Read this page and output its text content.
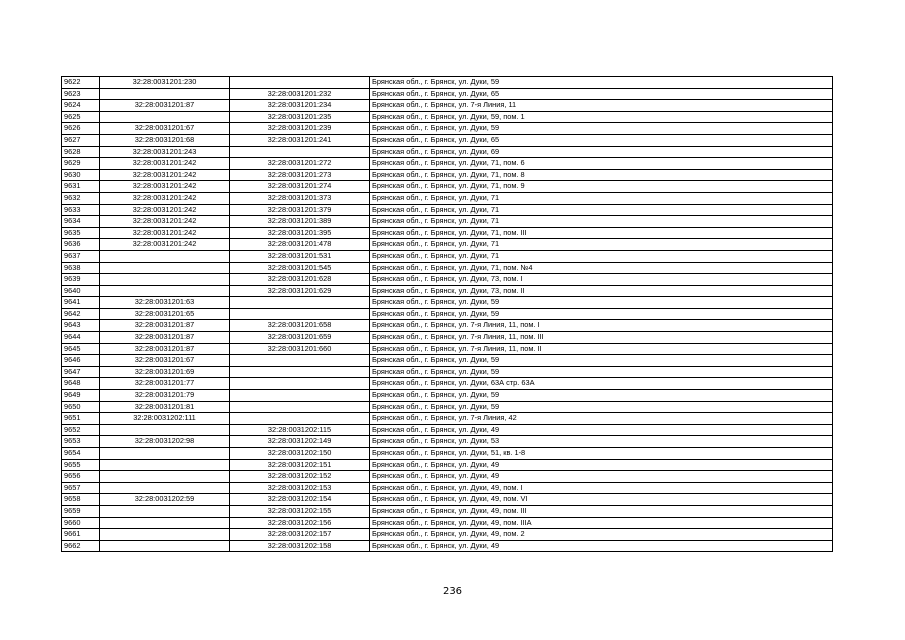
9622	32:28:0031201:230		Брянская обл., г. Брянск, ул. Дуки, 59
9623		32:28:0031201:232	Брянская обл., г. Брянск, ул. Дуки, 65
9624	32:28:0031201:87	32:28:0031201:234	Брянская обл., г. Брянск, ул. 7-я Линия, 11
9625		32:28:0031201:235	Брянская обл., г. Брянск, ул. Дуки, 59, пом. 1
9626	32:28:0031201:67	32:28:0031201:239	Брянская обл., г. Брянск, ул. Дуки, 59
9627	32:28:0031201:68	32:28:0031201:241	Брянская обл., г. Брянск, ул. Дуки, 65
9628	32:28:0031201:243		Брянская обл., г. Брянск, ул. Дуки, 69
9629	32:28:0031201:242	32:28:0031201:272	Брянская обл., г. Брянск, ул. Дуки, 71, пом. 6
9630	32:28:0031201:242	32:28:0031201:273	Брянская обл., г. Брянск, ул. Дуки, 71, пом. 8
9631	32:28:0031201:242	32:28:0031201:274	Брянская обл., г. Брянск, ул. Дуки, 71, пом. 9
9632	32:28:0031201:242	32:28:0031201:373	Брянская обл., г. Брянск, ул. Дуки, 71
9633	32:28:0031201:242	32:28:0031201:379	Брянская обл., г. Брянск, ул. Дуки, 71
9634	32:28:0031201:242	32:28:0031201:389	Брянская обл., г. Брянск, ул. Дуки, 71
9635	32:28:0031201:242	32:28:0031201:395	Брянская обл., г. Брянск, ул. Дуки, 71, пом. III
9636	32:28:0031201:242	32:28:0031201:478	Брянская обл., г. Брянск, ул. Дуки, 71
9637		32:28:0031201:531	Брянская обл., г. Брянск, ул. Дуки, 71
9638		32:28:0031201:545	Брянская обл., г. Брянск, ул. Дуки, 71, пом. №4
9639		32:28:0031201:628	Брянская обл., г. Брянск, ул. Дуки, 73, пом. I
9640		32:28:0031201:629	Брянская обл., г. Брянск, ул. Дуки, 73, пом. II
9641	32:28:0031201:63		Брянская обл., г. Брянск, ул. Дуки, 59
9642	32:28:0031201:65		Брянская обл., г. Брянск, ул. Дуки, 59
9643	32:28:0031201:87	32:28:0031201:658	Брянская обл., г. Брянск, ул. 7-я Линия, 11, пом. I
9644	32:28:0031201:87	32:28:0031201:659	Брянская обл., г. Брянск, ул. 7-я Линия, 11, пом. III
9645	32:28:0031201:87	32:28:0031201:660	Брянская обл., г. Брянск, ул. 7-я Линия, 11, пом. II
9646	32:28:0031201:67		Брянская обл., г. Брянск, ул. Дуки, 59
9647	32:28:0031201:69		Брянская обл., г. Брянск, ул. Дуки, 59
9648	32:28:0031201:77		Брянская обл., г. Брянск, ул. Дуки, 63А стр. 63А
9649	32:28:0031201:79		Брянская обл., г. Брянск, ул. Дуки, 59
9650	32:28:0031201:81		Брянская обл., г. Брянск, ул. Дуки, 59
9651	32:28:0031202:111		Брянская обл., г. Брянск, ул. 7-я Линия, 42
9652		32:28:0031202:115	Брянская обл., г. Брянск, ул. Дуки, 49
9653	32:28:0031202:98	32:28:0031202:149	Брянская обл., г. Брянск, ул. Дуки, 53
9654		32:28:0031202:150	Брянская обл., г. Брянск, ул. Дуки, 51, кв. 1-8
9655		32:28:0031202:151	Брянская обл., г. Брянск, ул. Дуки, 49
9656		32:28:0031202:152	Брянская обл., г. Брянск, ул. Дуки, 49
9657		32:28:0031202:153	Брянская обл., г. Брянск, ул. Дуки, 49, пом. I
9658	32:28:0031202:59	32:28:0031202:154	Брянская обл., г. Брянск, ул. Дуки, 49, пом. VI
9659		32:28:0031202:155	Брянская обл., г. Брянск, ул. Дуки, 49, пом. III
9660		32:28:0031202:156	Брянская обл., г. Брянск, ул. Дуки, 49, пом. IIIА
9661		32:28:0031202:157	Брянская обл., г. Брянск, ул. Дуки, 49, пом. 2
9662		32:28:0031202:158	Брянская обл., г. Брянск, ул. Дуки, 49
236
